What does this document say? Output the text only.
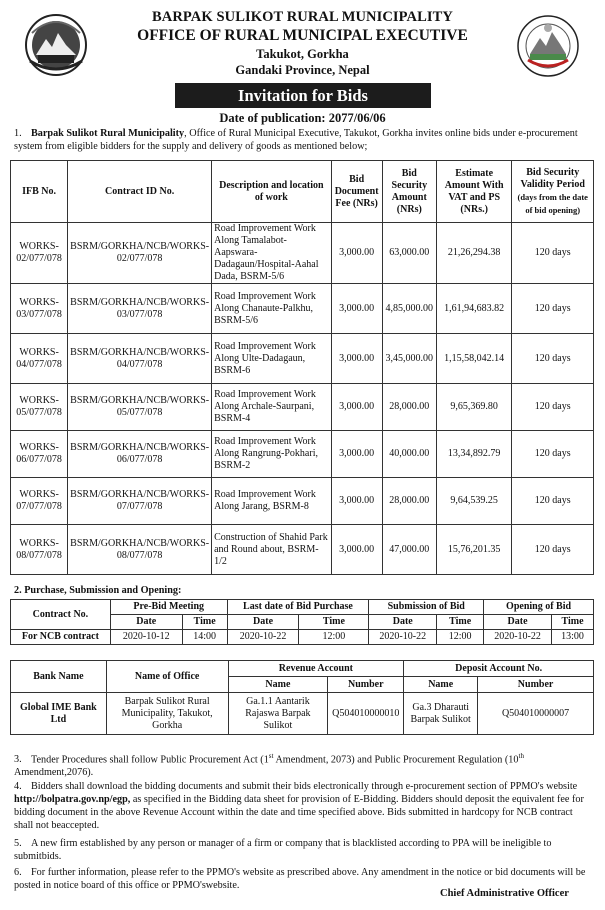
BARPAK SULIKOT RURAL MUNICIPALITY
OFFICE OF RURAL MUNICIPAL EXECUTIVE
Takukot, Gorkha
Gandaki Province, Nepal
Invitation for Bids
Date of publication: 2077/06/06
1. Barpak Sulikot Rural Municipality, Office of Rural Municipal Executive, Takukot, Gorkha invites online bids under e-procurement system from eligible bidders for the supply and delivery of goods as mentioned below;
IFB No.	Contract ID No.	Description and location of work	Bid Document Fee (NRs)	Bid Security Amount (NRs)	Estimate Amount With VAT and PS (NRs.)	Bid Security Validity Period
(days from the date of bid opening)
WORKS-02/077/078	BSRM/GORKHA/NCB/WORKS-02/077/078	Road Improvement Work Along Tamalabot-Aapswara-Dadagaun/Hospital-Aahal Dada, BSRM-5/6	3,000.00	63,000.00	21,26,294.38	120 days
WORKS-03/077/078	BSRM/GORKHA/NCB/WORKS-03/077/078	Road Improvement Work Along Chanaute-Palkhu, BSRM-5/6	3,000.00	4,85,000.00	1,61,94,683.82	120 days
WORKS-04/077/078	BSRM/GORKHA/NCB/WORKS-04/077/078	Road Improvement Work Along Ulte-Dadagaun, BSRM-6	3,000.00	3,45,000.00	1,15,58,042.14	120 days
WORKS-05/077/078	BSRM/GORKHA/NCB/WORKS-05/077/078	Road Improvement Work Along Archale-Saurpani, BSRM-4	3,000.00	28,000.00	9,65,369.80	120 days
WORKS-06/077/078	BSRM/GORKHA/NCB/WORKS-06/077/078	Road Improvement Work Along Rangrung-Pokhari, BSRM-2	3,000.00	40,000.00	13,34,892.79	120 days
WORKS-07/077/078	BSRM/GORKHA/NCB/WORKS-07/077/078	Road Improvement Work Along Jarang, BSRM-8	3,000.00	28,000.00	9,64,539.25	120 days
WORKS-08/077/078	BSRM/GORKHA/NCB/WORKS-08/077/078	Construction of Shahid Park and Round about, BSRM-1/2	3,000.00	47,000.00	15,76,201.35	120 days
2. Purchase, Submission and Opening:
Contract No.	Pre-Bid Meeting		Last date of Bid Purchase		Submission of Bid		Opening of Bid	
	Date	Time	Date	Time	Date	Time	Date	Time
For NCB contract	2020-10-12	14:00	2020-10-22	12:00	2020-10-22	12:00	2020-10-22	13:00
Bank Name	Name of Office	Revenue Account		Deposit Account No.	
		Name	Number	Name	Number
Global IME Bank Ltd	Barpak Sulikot Rural Municipality, Takukot, Gorkha	Ga.1.1 Aantarik Rajaswa Barpak Sulikot	Q504010000010	Ga.3 Dharauti Barpak Sulikot	Q504010000007
3. Tender Procedures shall follow Public Procurement Act (1st Amendment, 2073) and Public Procurement Regulation (10th Amendment,2076).
4. Bidders shall download the bidding documents and submit their bids electronically through e-procurement section of PPMO's website http://bolpatra.gov.np/egp, as specified in the Bidding data sheet for provision of E-Bidding. Bidders should deposit the equivalent fee for bidding document in the above Revenue Account within the date and time specified above. Bids submitted in hardcopy for NCB contract shall not beaccepted.
5. A new firm established by any person or manager of a firm or company that is blacklisted according to PPA will be ineligible to submitbids.
6. For further information, please refer to the PPMO's website as prescribed above. Any amendment in the notice or bid documents will be posted in notice board of this office or PPMO'swebsite.
Chief Administrative Officer
